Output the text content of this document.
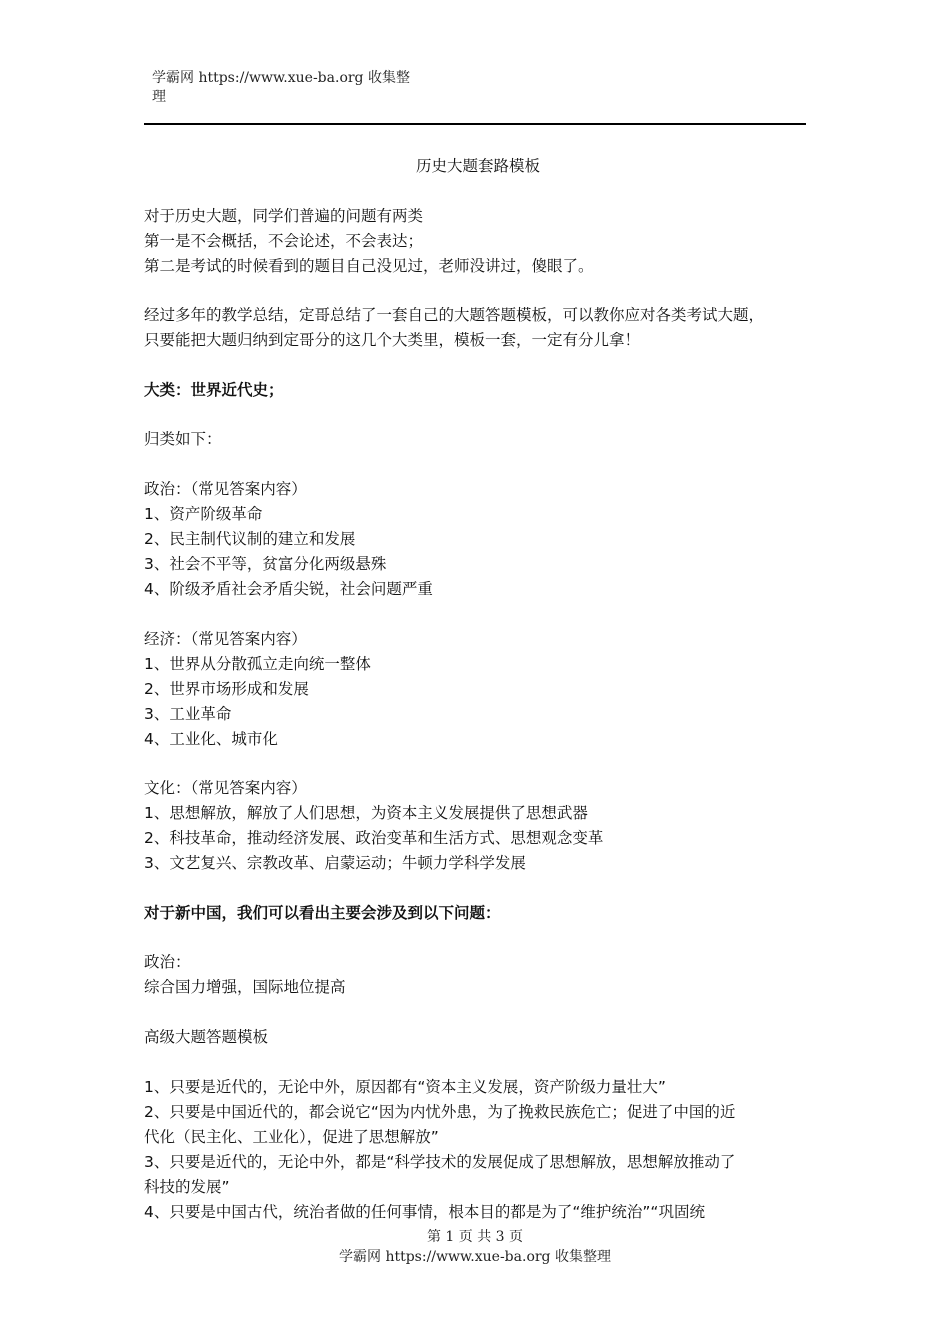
学霸网 https://www.xue-ba.org 收集整
理
历史大题套路模板
对于历史大题，同学们普遍的问题有两类
第一是不会概括，不会论述，不会表达；
第二是考试的时候看到的题目自己没见过，老师没讲过，傻眼了。
经过多年的教学总结，定哥总结了一套自己的大题答题模板，可以教你应对各类考试大题，
只要能把大题归纳到定哥分的这几个大类里，模板一套，一定有分儿拿！
大类：世界近代史；
归类如下：
政治：（常见答案内容）
1、资产阶级革命
2、民主制代议制的建立和发展
3、社会不平等，贫富分化两级悬殊
4、阶级矛盾社会矛盾尖锐，社会问题严重
经济：（常见答案内容）
1、世界从分散孤立走向统一整体
2、世界市场形成和发展
3、工业革命
4、工业化、城市化
文化：（常见答案内容）
1、思想解放，解放了人们思想，为资本主义发展提供了思想武器
2、科技革命，推动经济发展、政治变革和生活方式、思想观念变革
3、文艺复兴、宗教改革、启蒙运动；牛顿力学科学发展
对于新中国，我们可以看出主要会涉及到以下问题：
政治：
综合国力增强，国际地位提高
高级大题答题模板
1、只要是近代的，无论中外，原因都有“资本主义发展，资产阶级力量壮大”
2、只要是中国近代的，都会说它“因为内忧外患，为了挽救民族危亡；促进了中国的近
代化（民主化、工业化），促进了思想解放”
3、只要是近代的，无论中外，都是“科学技术的发展促成了思想解放，思想解放推动了
科技的发展”
4、只要是中国古代，统治者做的任何事情，根本目的都是为了“维护统治”“巩固统
第 1 页 共 3 页
学霸网 https://www.xue-ba.org 收集整理
